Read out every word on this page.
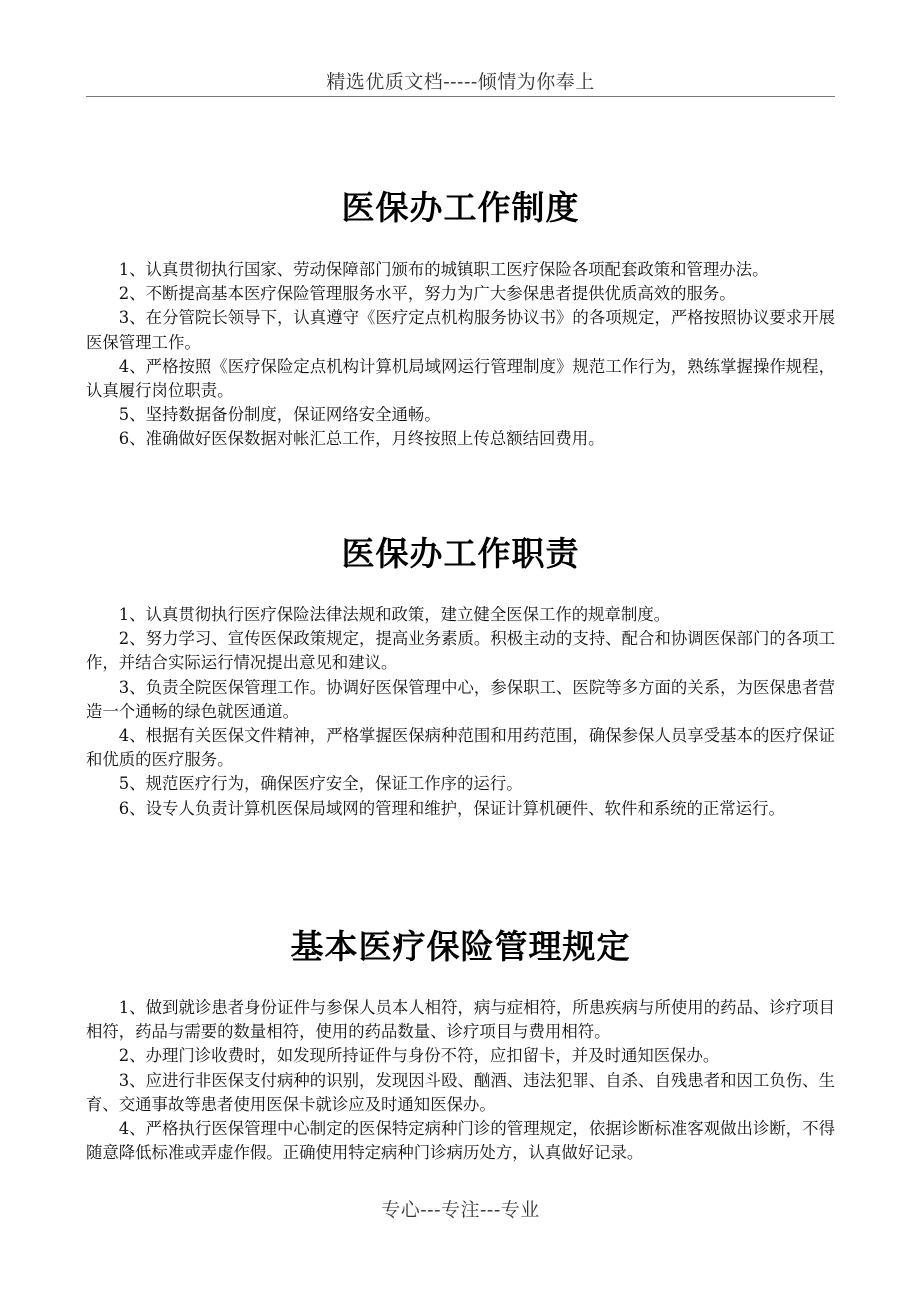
精选优质文档-----倾情为你奉上
医保办工作制度

1、认真贯彻执行国家、劳动保障部门颁布的城镇职工医疗保险各项配套政策和管理办法。

2、不断提高基本医疗保险管理服务水平，努力为广大参保患者提供优质高效的服务。

3、在分管院长领导下，认真遵守《医疗定点机构服务协议书》的各项规定，严格按照协议要求开展医保管理工作。

4、严格按照《医疗保险定点机构计算机局域网运行管理制度》规范工作行为，熟练掌握操作规程，认真履行岗位职责。

5、坚持数据备份制度，保证网络安全通畅。

6、准确做好医保数据对帐汇总工作，月终按照上传总额结回费用。

医保办工作职责

1、认真贯彻执行医疗保险法律法规和政策，建立健全医保工作的规章制度。

2、努力学习、宣传医保政策规定，提高业务素质。积极主动的支持、配合和协调医保部门的各项工作，并结合实际运行情况提出意见和建议。

3、负责全院医保管理工作。协调好医保管理中心，参保职工、医院等多方面的关系，为医保患者营造一个通畅的绿色就医通道。

4、根据有关医保文件精神，严格掌握医保病种范围和用药范围，确保参保人员享受基本的医疗保证和优质的医疗服务。

5、规范医疗行为，确保医疗安全，保证工作序的运行。

6、设专人负责计算机医保局域网的管理和维护，保证计算机硬件、软件和系统的正常运行。

基本医疗保险管理规定

1、做到就诊患者身份证件与参保人员本人相符，病与症相符，所患疾病与所使用的药品、诊疗项目相符，药品与需要的数量相符，使用的药品数量、诊疗项目与费用相符。

2、办理门诊收费时，如发现所持证件与身份不符，应扣留卡，并及时通知医保办。

3、应进行非医保支付病种的识别，发现因斗殴、酗酒、违法犯罪、自杀、自残患者和因工负伤、生育、交通事故等患者使用医保卡就诊应及时通知医保办。

4、严格执行医保管理中心制定的医保特定病种门诊的管理规定，依据诊断标准客观做出诊断，不得随意降低标准或弄虚作假。正确使用特定病种门诊病历处方，认真做好记录。

专心---专注---专业
